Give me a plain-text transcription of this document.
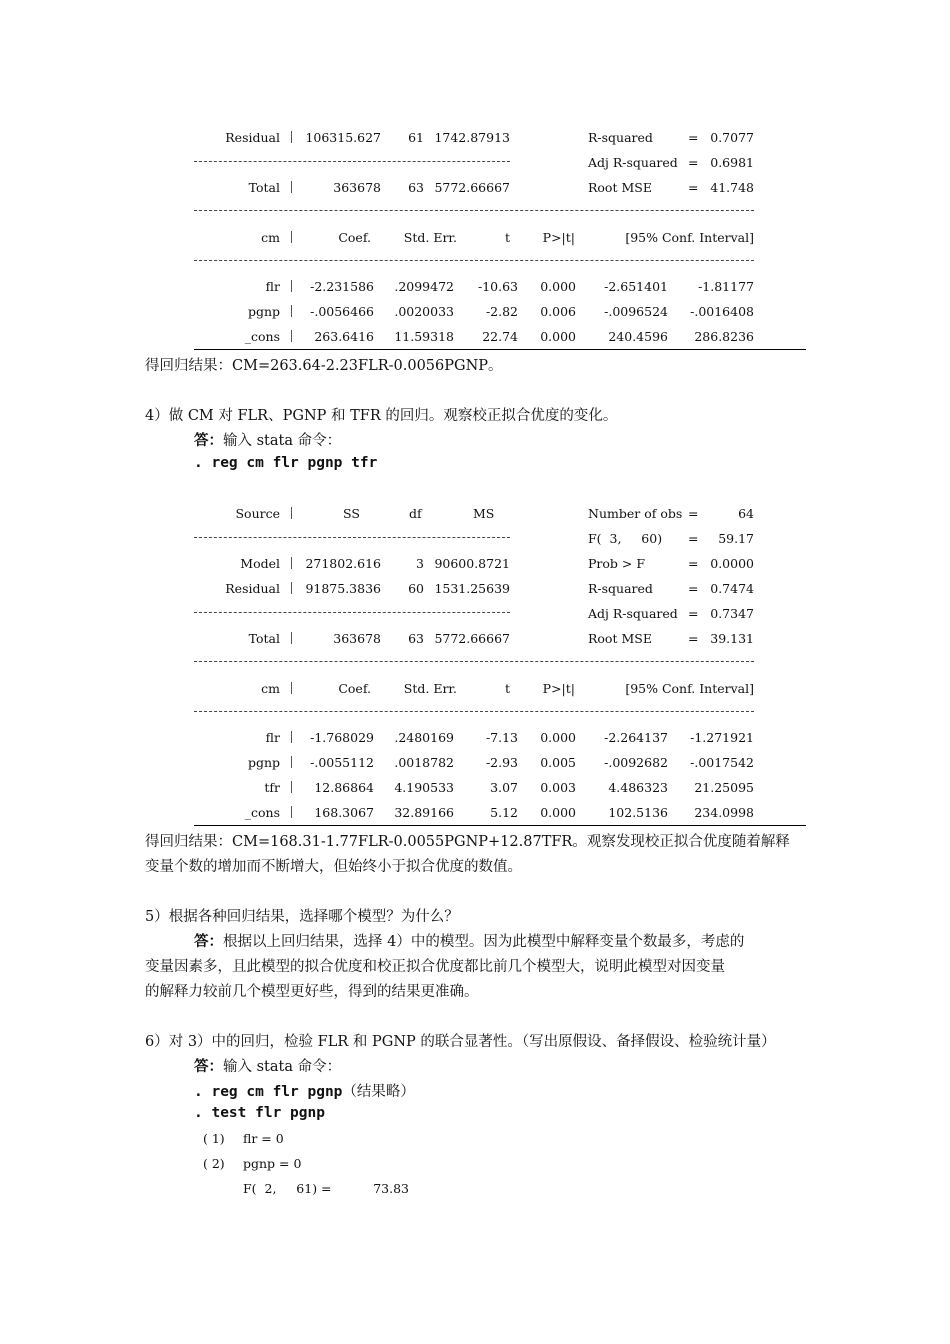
Residual 106315.627 61 1742.87913	R-squared	= 0.7077
Adj R-squared = 0.6981
Total	363678 63 5772.66667	Root MSE	= 41.748
cm	Coef.	Std. Err.	t	P>|t|	[95% Conf. Interval]
flr -2.231586 .2099472 -10.63 0.000 -2.651401 -1.81177
pgnp -.0056466 .0020033	-2.82 0.006 -.0096524 -.0016408
_cons	263.6416 11.59318 22.74 0.000	240.4596 286.8236
得回归结果：CM=263.64-2.23FLR-0.0056PGNP。
4）做 CM 对 FLR、PGNP 和 TFR 的回归。观察校正拟合优度的变化。
答：输入 stata 命令：
. reg cm flr pgnp tfr
Source	SS	df	MS	Number of obs =	64
F(  3,     60) = 59.17
Model 271802.616	3 90600.8721	Prob > F	= 0.0000
Residual 91875.3836 60 1531.25639	R-squared	= 0.7474
Adj R-squared = 0.7347
Total	363678 63 5772.66667	Root MSE	= 39.131
cm	Coef.	Std. Err.	t	P>|t|	[95% Conf. Interval]
flr -1.768029 .2480169	-7.13 0.000 -2.264137 -1.271921
pgnp -.0055112 .0018782	-2.93 0.005 -.0092682 -.0017542
tfr	12.86864 4.190533	3.07 0.003	4.486323 21.25095
_cons	168.3067 32.89166	5.12 0.000	102.5136 234.0998
得回归结果：CM=168.31-1.77FLR-0.0055PGNP+12.87TFR。观察发现校正拟合优度随着解释
变量个数的增加而不断增大，但始终小于拟合优度的数值。
5）根据各种回归结果，选择哪个模型？为什么？
答：根据以上回归结果，选择 4）中的模型。因为此模型中解释变量个数最多，考虑的
变量因素多，且此模型的拟合优度和校正拟合优度都比前几个模型大，说明此模型对因变量
的解释力较前几个模型更好些，得到的结果更准确。
6）对 3）中的回归，检验 FLR 和 PGNP 的联合显著性。（写出原假设、备择假设、检验统计量）
答：输入 stata 命令：
. reg cm flr pgnp（结果略）
. test flr pgnp
( 1) flr = 0
( 2) pgnp = 0
F(  2,     61) =	73.83
